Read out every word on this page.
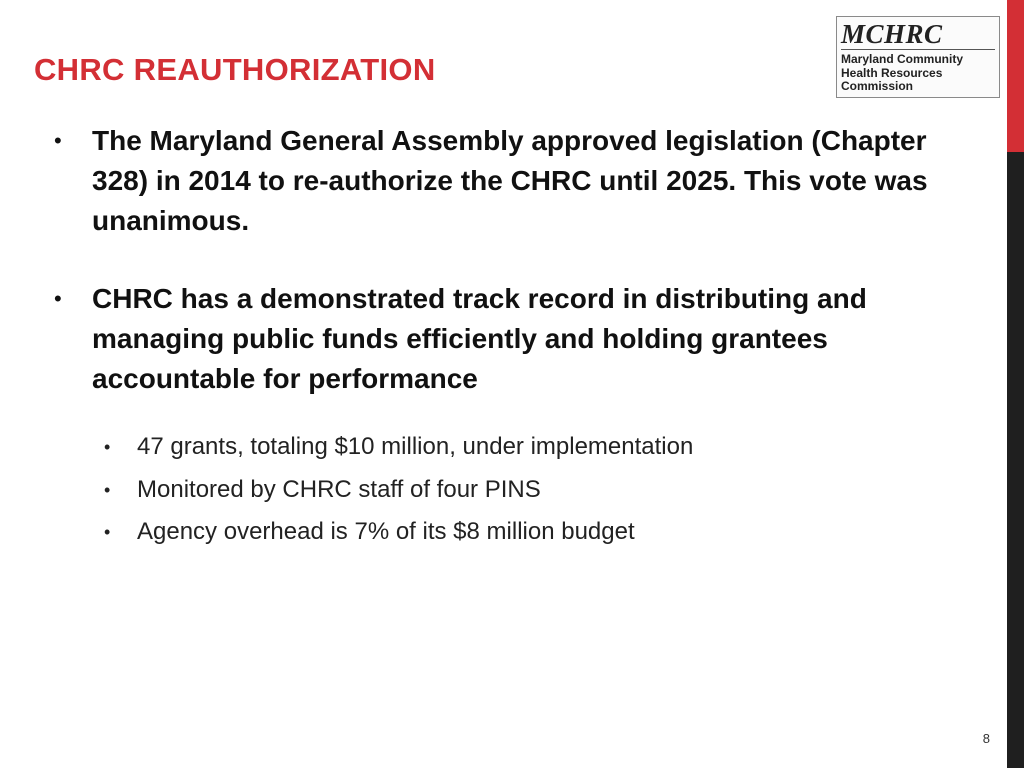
CHRC REAUTHORIZATION
MCHRC
Maryland Community
Health Resources
Commission
• The Maryland General Assembly approved legislation (Chapter 328) in 2014 to re-authorize the CHRC until 2025. This vote was unanimous.
• CHRC has a demonstrated track record in distributing and managing public funds efficiently and holding grantees accountable for performance
• 47 grants, totaling $10 million, under implementation
• Monitored by CHRC staff of four PINS
• Agency overhead is 7% of its $8 million budget
8
